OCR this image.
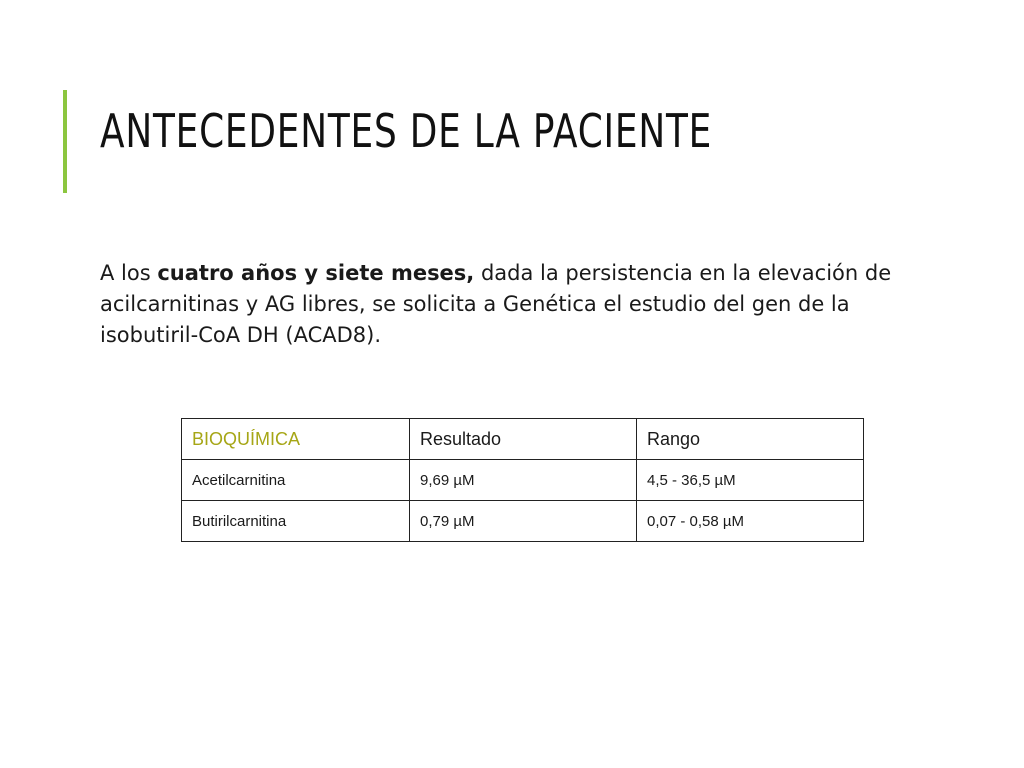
ANTECEDENTES DE LA PACIENTE

A los cuatro años y siete meses, dada la persistencia en la elevación de acilcarnitinas y AG libres, se solicita a Genética el estudio del gen de la isobutiril-CoA DH (ACAD8).

BIOQUÍMICA	Resultado	Rango
Acetilcarnitina	9,69 µM	4,5 - 36,5 µM
Butirilcarnitina	0,79 µM	0,07 - 0,58 µM
